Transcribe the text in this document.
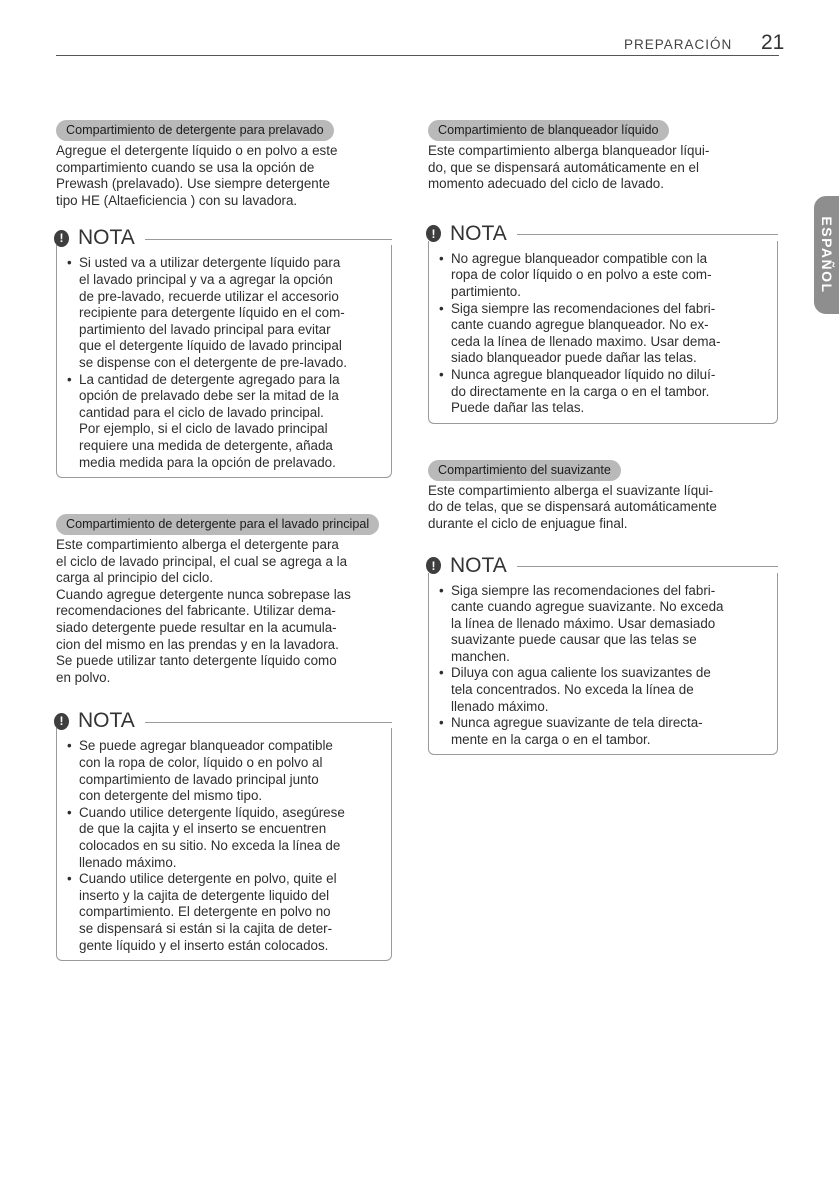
PREPARACIÓN 21
ESPAÑOL
Compartimiento de detergente para prelavado

Agregue el detergente líquido o en polvo a este
compartimiento cuando se usa la opción de
Prewash (prelavado). Use siempre detergente
tipo HE (Altaeficiencia ) con su lavadora.

! NOTA
• Si usted va a utilizar detergente líquido para
el lavado principal y va a agregar la opción
de pre-lavado, recuerde utilizar el accesorio
recipiente para detergente líquido en el com-
partimiento del lavado principal para evitar
que el detergente líquido de lavado principal
se dispense con el detergente de pre-lavado.
• La cantidad de detergente agregado para la
opción de prelavado debe ser la mitad de la
cantidad para el ciclo de lavado principal.
Por ejemplo, si el ciclo de lavado principal
requiere una medida de detergente, añada
media medida para la opción de prelavado.
Compartimiento de detergente para el lavado principal

Este compartimiento alberga el detergente para
el ciclo de lavado principal, el cual se agrega a la
carga al principio del ciclo.
Cuando agregue detergente nunca sobrepase las
recomendaciones del fabricante. Utilizar dema-
siado detergente puede resultar en la acumula-
cion del mismo en las prendas y en la lavadora.
Se puede utilizar tanto detergente líquido como
en polvo.

! NOTA
• Se puede agregar blanqueador compatible
con la ropa de color, líquido o en polvo al
compartimiento de lavado principal junto
con detergente del mismo tipo.
• Cuando utilice detergente líquido, asegúrese
de que la cajita y el inserto se encuentren
colocados en su sitio. No exceda la línea de
llenado máximo.
• Cuando utilice detergente en polvo, quite el
inserto y la cajita de detergente liquido del
compartimiento. El detergente en polvo no
se dispensará si están si la cajita de deter-
gente líquido y el inserto están colocados.
Compartimiento de blanqueador líquido

Este compartimiento alberga blanqueador líqui-
do, que se dispensará automáticamente en el
momento adecuado del ciclo de lavado.

! NOTA
• No agregue blanqueador compatible con la
ropa de color líquido o en polvo a este com-
partimiento.
• Siga siempre las recomendaciones del fabri-
cante cuando agregue blanqueador. No ex-
ceda la línea de llenado maximo. Usar dema-
siado blanqueador puede dañar las telas.
• Nunca agregue blanqueador líquido no diluí-
do directamente en la carga o en el tambor.
Puede dañar las telas.
Compartimiento del suavizante

Este compartimiento alberga el suavizante líqui-
do de telas, que se dispensará automáticamente
durante el ciclo de enjuague final.

! NOTA
• Siga siempre las recomendaciones del fabri-
cante cuando agregue suavizante. No exceda
la línea de llenado máximo. Usar demasiado
suavizante puede causar que las telas se
manchen.
• Diluya con agua caliente los suavizantes de
tela concentrados. No exceda la línea de
llenado máximo.
• Nunca agregue suavizante de tela directa-
mente en la carga o en el tambor.
